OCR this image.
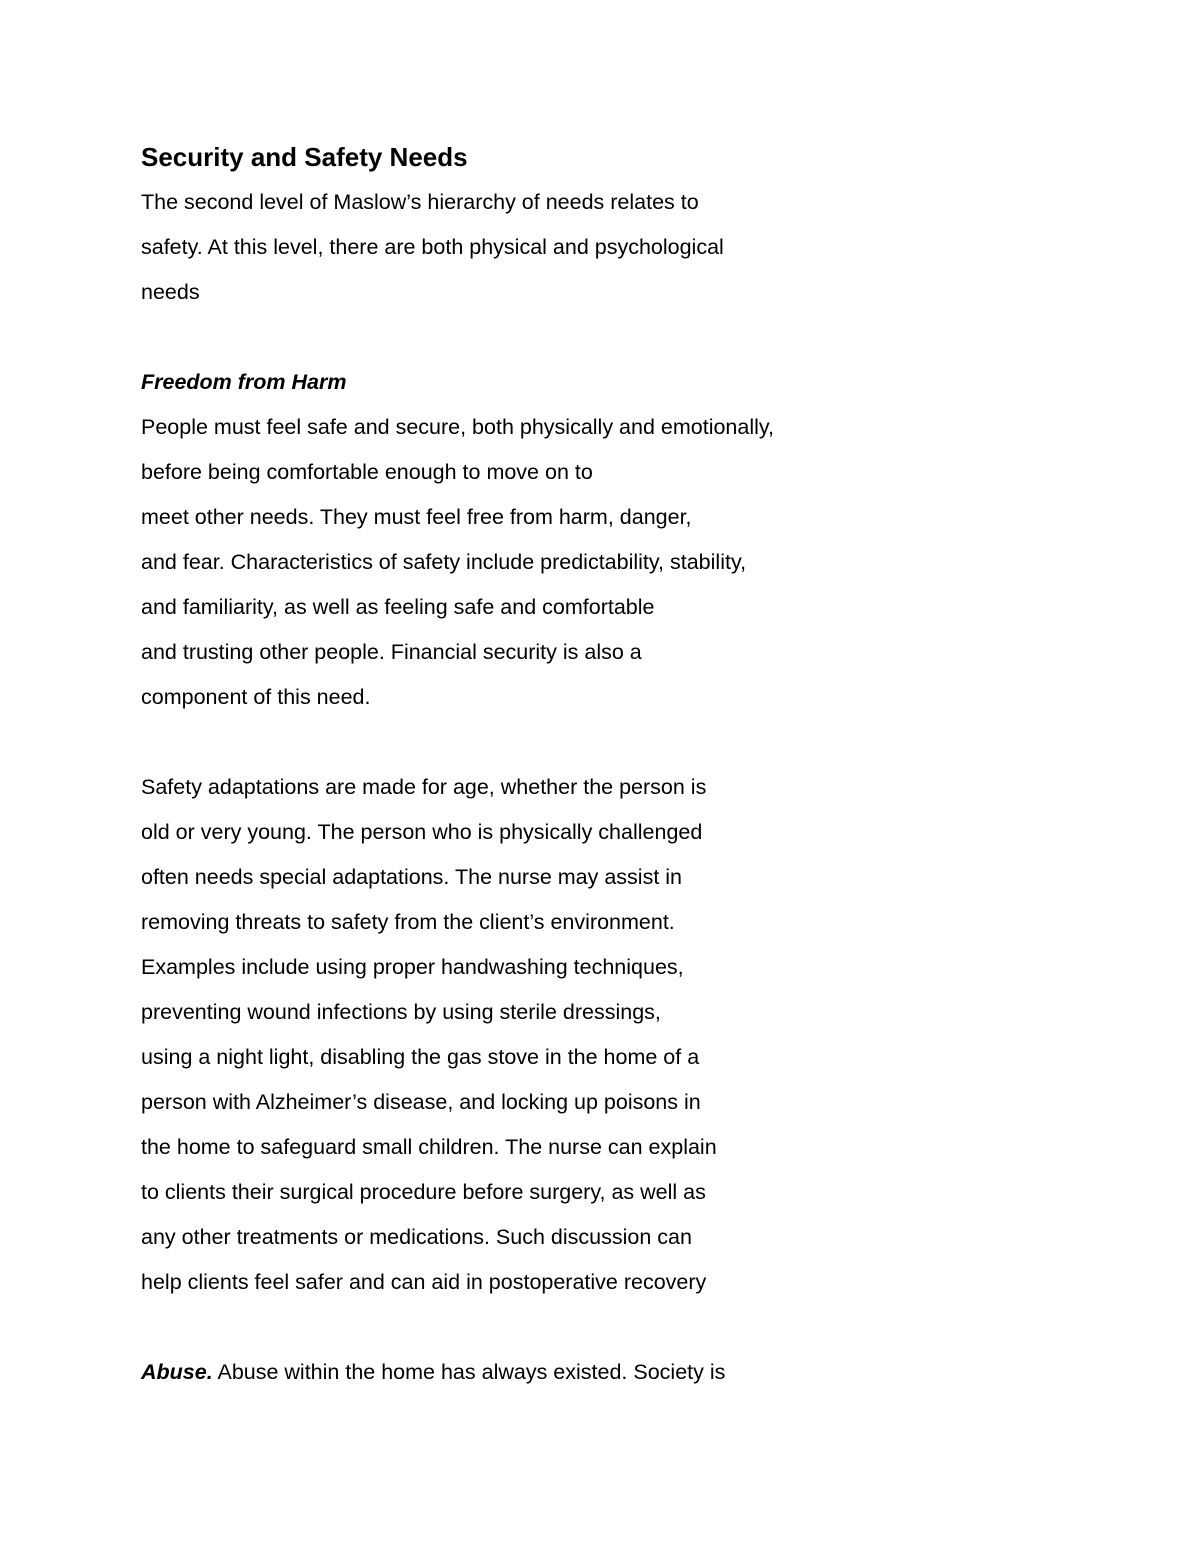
Security and Safety Needs
The second level of Maslow’s hierarchy of needs relates to
safety. At this level, there are both physical and psychological
needs
Freedom from Harm
People must feel safe and secure, both physically and emotionally,
before being comfortable enough to move on to
meet other needs. They must feel free from harm, danger,
and fear. Characteristics of safety include predictability, stability,
and familiarity, as well as feeling safe and comfortable
and trusting other people. Financial security is also a
component of this need.
Safety adaptations are made for age, whether the person is
old or very young. The person who is physically challenged
often needs special adaptations. The nurse may assist in
removing threats to safety from the client’s environment.
Examples include using proper handwashing techniques,
preventing wound infections by using sterile dressings,
using a night light, disabling the gas stove in the home of a
person with Alzheimer’s disease, and locking up poisons in
the home to safeguard small children. The nurse can explain
to clients their surgical procedure before surgery, as well as
any other treatments or medications. Such discussion can
help clients feel safer and can aid in postoperative recovery
Abuse. Abuse within the home has always existed. Society is
